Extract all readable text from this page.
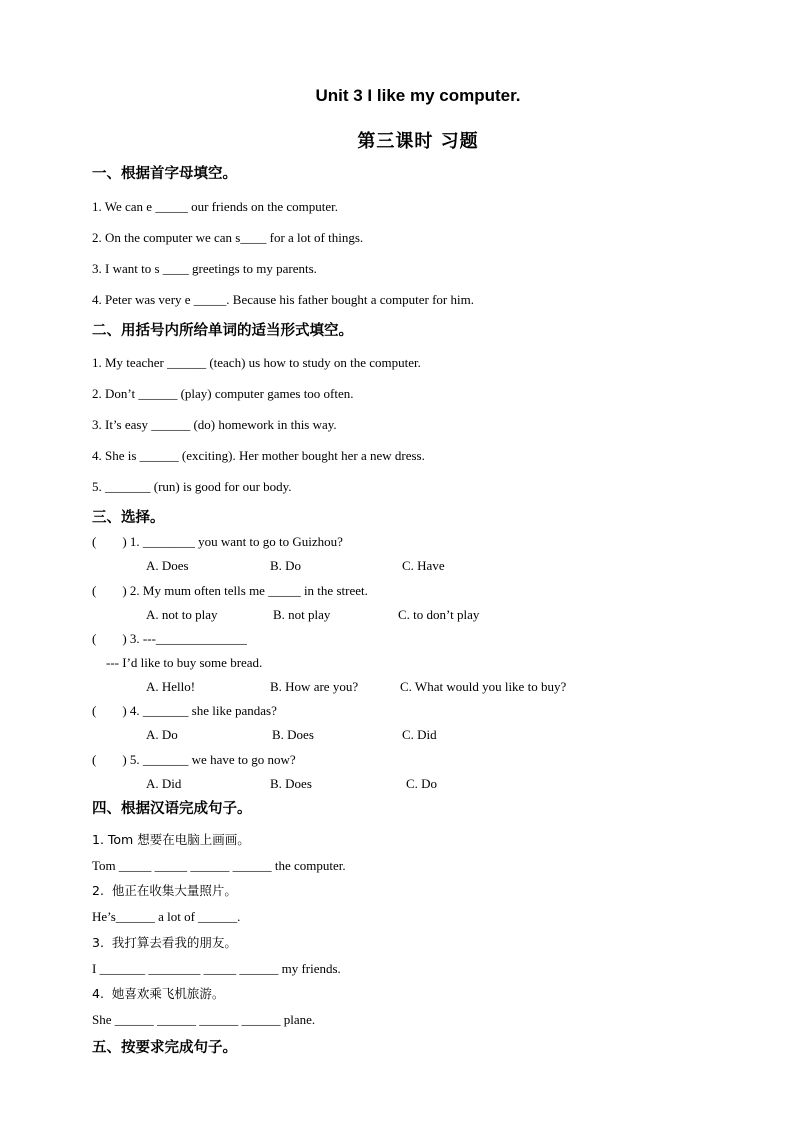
Unit 3 I like my computer.
第三课时 习题
一、根据首字母填空。
1. We can e _____ our friends on the computer.
2. On the computer we can s____ for a lot of things.
3. I want to s ____ greetings to my parents.
4. Peter was very e _____. Because his father bought a computer for him.
二、用括号内所给单词的适当形式填空。
1. My teacher ______ (teach) us how to study on the computer.
2. Don’t ______ (play) computer games too often.
3. It’s easy ______ (do) homework in this way.
4. She is ______ (exciting). Her mother bought her a new dress.
5. _______ (run) is good for our body.
三、选择。
(        ) 1. ________ you want to go to Guizhou?
A. Does	B. Do	C. Have
(        ) 2. My mum often tells me _____ in the street.
A. not to play	B. not play	C. to don’t play
(        ) 3. ---______________
--- I’d like to buy some bread.
A. Hello!	B. How are you?	C. What would you like to buy?
(        ) 4. _______ she like pandas?
A. Do	B. Does	C. Did
(        ) 5. _______ we have to go now?
A. Did	B. Does	C. Do
四、根据汉语完成句子。
1. Tom 想要在电脑上画画。
Tom _____ _____ ______ ______ the computer.
2.  他正在收集大量照片。
He’s______ a lot of ______.
3.  我打算去看我的朋友。
I _______ ________ _____ ______ my friends.
4.  她喜欢乘飞机旅游。
She ______ ______ ______ ______ plane.
五、按要求完成句子。
